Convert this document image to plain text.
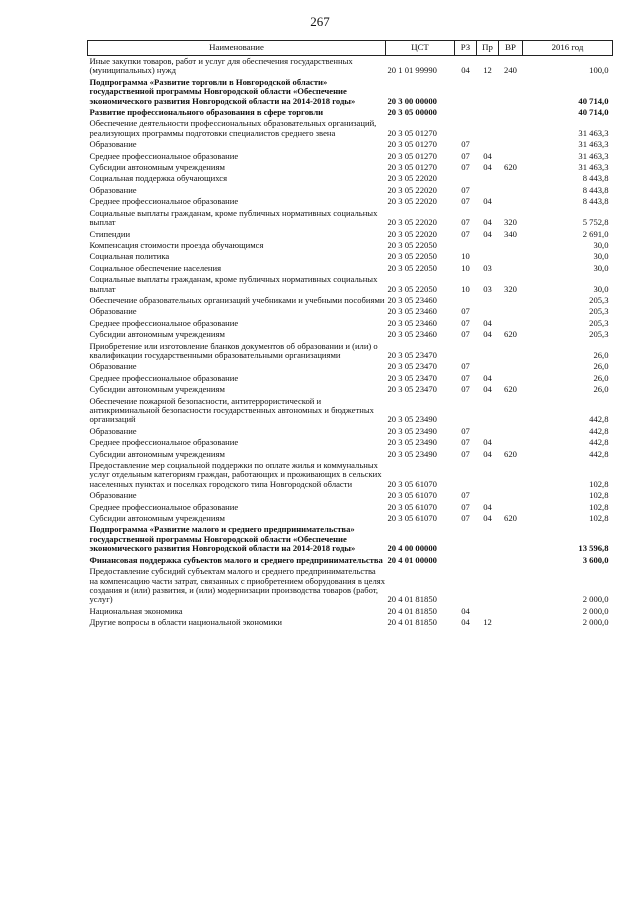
267
Наименование	ЦСТ	РЗ	Пр	ВР	2016 год
Иные закупки товаров, работ и услуг для обеспечения государственных (муниципальных) нужд	20 1 01 99990	04	12	240	100,0
Подпрограмма «Развитие торговли в Новгородской области» государственной программы Новгородской области «Обеспечение экономического развития Новгородской области на 2014-2018 годы»	20 3 00 00000				40 714,0
Развитие профессионального образования в сфере торговли	20 3 05 00000				40 714,0
Обеспечение деятельности профессиональных образовательных организаций, реализующих программы подготовки специалистов среднего звена	20 3 05 01270				31 463,3
Образование	20 3 05 01270	07			31 463,3
Среднее профессиональное образование	20 3 05 01270	07	04		31 463,3
Субсидии автономным учреждениям	20 3 05 01270	07	04	620	31 463,3
Социальная поддержка обучающихся	20 3 05 22020				8 443,8
Образование	20 3 05 22020	07			8 443,8
Среднее профессиональное образование	20 3 05 22020	07	04		8 443,8
Социальные выплаты гражданам, кроме публичных нормативных социальных выплат	20 3 05 22020	07	04	320	5 752,8
Стипендии	20 3 05 22020	07	04	340	2 691,0
Компенсация стоимости проезда обучающимся	20 3 05 22050				30,0
Социальная политика	20 3 05 22050	10			30,0
Социальное обеспечение населения	20 3 05 22050	10	03		30,0
Социальные выплаты гражданам, кроме публичных нормативных социальных выплат	20 3 05 22050	10	03	320	30,0
Обеспечение образовательных организаций учебниками и учебными пособиями	20 3 05 23460				205,3
Образование	20 3 05 23460	07			205,3
Среднее профессиональное образование	20 3 05 23460	07	04		205,3
Субсидии автономным учреждениям	20 3 05 23460	07	04	620	205,3
Приобретение или изготовление бланков документов об образовании и (или) о квалификации государственными образовательными организациями	20 3 05 23470				26,0
Образование	20 3 05 23470	07			26,0
Среднее профессиональное образование	20 3 05 23470	07	04		26,0
Субсидии автономным учреждениям	20 3 05 23470	07	04	620	26,0
Обеспечение пожарной безопасности, антитеррористической и антикриминальной безопасности государственных автономных и бюджетных организаций	20 3 05 23490				442,8
Образование	20 3 05 23490	07			442,8
Среднее профессиональное образование	20 3 05 23490	07	04		442,8
Субсидии автономным учреждениям	20 3 05 23490	07	04	620	442,8
Предоставление мер социальной поддержки по оплате жилья и коммунальных услуг отдельным категориям граждан, работающих и проживающих в сельских населенных пунктах и поселках городского типа Новгородской области	20 3 05 61070				102,8
Образование	20 3 05 61070	07			102,8
Среднее профессиональное образование	20 3 05 61070	07	04		102,8
Субсидии автономным учреждениям	20 3 05 61070	07	04	620	102,8
Подпрограмма «Развитие малого и среднего предпринимательства» государственной программы Новгородской области «Обеспечение экономического развития Новгородской области на 2014-2018 годы»	20 4 00 00000				13 596,8
Финансовая поддержка субъектов малого и среднего предпринимательства	20 4 01 00000				3 600,0
Предоставление субсидий субъектам малого и среднего предпринимательства на компенсацию части затрат, связанных с приобретением оборудования в целях создания и (или) развития, и (или) модернизации производства товаров (работ, услуг)	20 4 01 81850				2 000,0
Национальная экономика	20 4 01 81850	04			2 000,0
Другие вопросы в области национальной экономики	20 4 01 81850	04	12		2 000,0
